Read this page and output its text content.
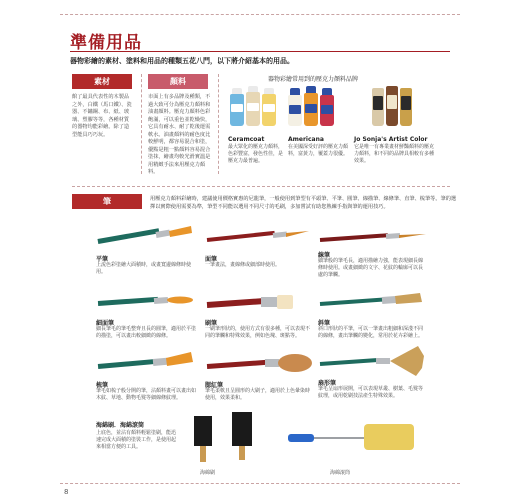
準備用品
器物彩繪的素材、塗料和用品的種類五花八門，以下將介紹基本的用品。
素材
館了最具代表性的木製品之外，白鐵（馬口鐵）、瓷器、不鏽鋼、布、紙、玻璃、塑膠等等，各種材質的器物均能彩繪。除了造型能具巧巧玩。
顏料
市面上有多品牌及種類，不過大致可分為壓克力顏料和油畫顏料。壓克力顏料色彩飽滿，可以重色並乾燥快，它具有耐水、耐了乾後運需軟水。油畫顏料的耐色度比較鮮明，都容易混合和塗，優點是粗一點顏料容易混合塗抹，繪畫均較光滑實溫是用精緻手法來用壓克力顏料。
器物彩繪常用到的壓克力顏料品牌
Ceramcoat
最大眾化的壓克力顏料，色彩豐富，發色性佳，是壓克力最普遍。
Americana
在美國深受好評的壓克力顏料，富黃力，覆蓋力很優。
Jo Sonja's Artist Color
它是唯一有專業畫材鮮豔顏料的壓克力顏料，和不同的品牌具相較有多種效果。
筆	用壓克力顏料彩繪時，建議使用價格實惠的尼龍筆，一般使用到筆型有平頭筆、平筆、圓筆、線描筆、線條筆、直筆、梳筆等。筆的選擇以實際使用需要為準，筆型不同能以選用不同尺寸的毛刷，多加嘗試有助您熟練手指與筆的運用技巧。
平筆
上流色彩塗繪大面積時，或畫寬邊線條時使用。
面筆
一筆畫法，畫線條或細部時使用。
線筆
細筆般的筆毛長，適用描繪力強，能表現細長線條時使用。或畫細緻的文字、花紋的輪廓可以長處的筆觸。
細面筆
細長筆毛的筆毛整齊且長的圓筆，適用於平塗的描塗，可以畫出較細緻的線條。
刷筆
一刷筆形狀的，使用方式有很多種，可以表現不同的筆觸和特殊效果，例如色塊、斑點等。
斜筆
斜口形狀的平筆，可以一筆畫出粗細和深淺不同的線條，畫出筆觸的變化，常用於花卉彩繪上。
梳筆
筆毛如梳子般分開的筆，沾顏料畫可以畫出如木紋、草地、動物毛髮等細線條紋理。
腮紅筆
筆毛柔軟且呈圓形的大刷子，適用於上色暈染時使用，效果柔和。
扇形筆
筆毛呈扇形展開，可以表現草叢、樹葉、毛髮等紋理，或用乾刷技法產生特殊效果。
海綿刷．海綿滾筒
上底色，並沾有顏料輕鬆塗刷，能迅速完成大面積的塗裝工作，是使用起來相當方便的工具。
海綿刷	海綿滾筒
8
